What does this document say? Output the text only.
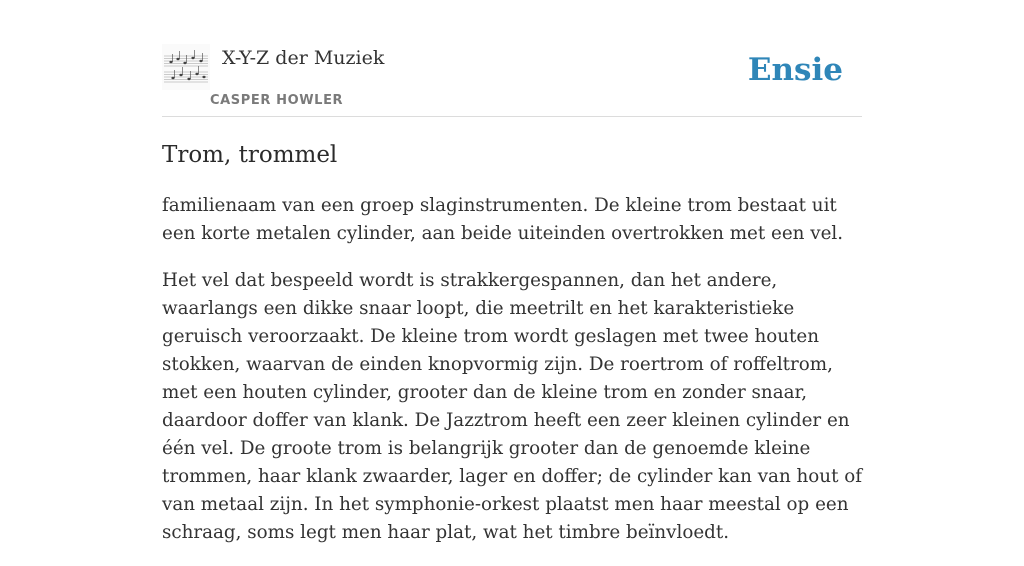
X-Y-Z der Muziek
CASPER HOWLER
Ensie
Trom, trommel

familienaam van een groep slaginstrumenten. De kleine trom bestaat uit een korte metalen cylinder, aan beide uiteinden overtrokken met een vel.

Het vel dat bespeeld wordt is strakkergespannen, dan het andere, waarlangs een dikke snaar loopt, die meetrilt en het karakteristieke geruisch veroorzaakt. De kleine trom wordt geslagen met twee houten stokken, waarvan de einden knopvormig zijn. De roertrom of roffeltrom, met een houten cylinder, grooter dan de kleine trom en zonder snaar, daardoor doffer van klank. De Jazztrom heeft een zeer kleinen cylinder en één vel. De groote trom is belangrijk grooter dan de genoemde kleine trommen, haar klank zwaarder, lager en doffer; de cylinder kan van hout of van metaal zijn. In het symphonie-orkest plaatst men haar meestal op een schraag, soms legt men haar plat, wat het timbre beïnvloedt.
